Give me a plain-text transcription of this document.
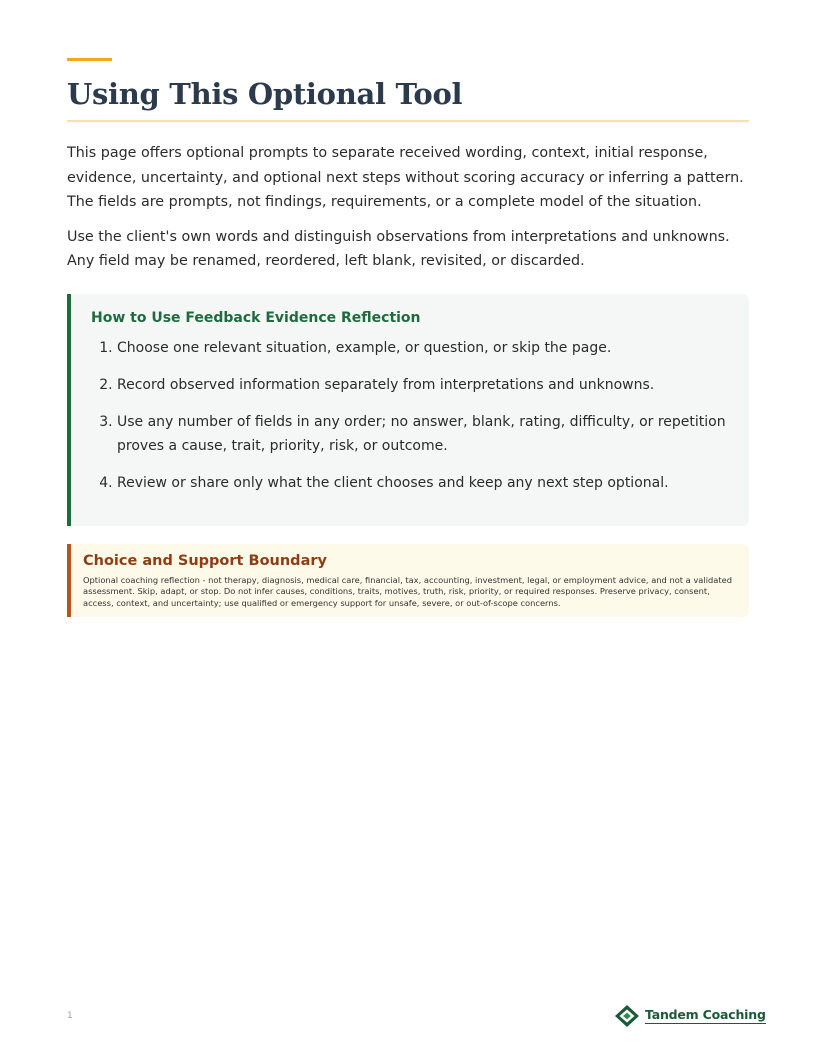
Using This Optional Tool

This page offers optional prompts to separate received wording, context, initial response, evidence, uncertainty, and optional next steps without scoring accuracy or inferring a pattern. The fields are prompts, not findings, requirements, or a complete model of the situation.

Use the client's own words and distinguish observations from interpretations and unknowns. Any field may be renamed, reordered, left blank, revisited, or discarded.

How to Use Feedback Evidence Reflection
1. Choose one relevant situation, example, or question, or skip the page.
2. Record observed information separately from interpretations and unknowns.
3. Use any number of fields in any order; no answer, blank, rating, difficulty, or repetition proves a cause, trait, priority, risk, or outcome.
4. Review or share only what the client chooses and keep any next step optional.
Choice and Support Boundary

Optional coaching reflection - not therapy, diagnosis, medical care, financial, tax, accounting, investment, legal, or employment advice, and not a validated assessment. Skip, adapt, or stop. Do not infer causes, conditions, traits, motives, truth, risk, priority, or required responses. Preserve privacy, consent, access, context, and uncertainty; use qualified or emergency support for unsafe, severe, or out-of-scope concerns.

1	Tandem Coaching
